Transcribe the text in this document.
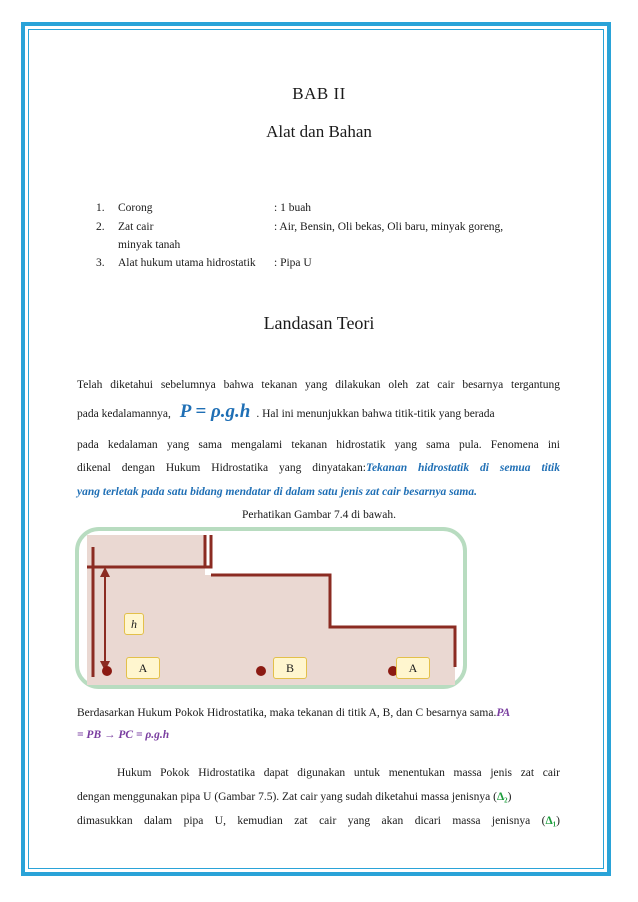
BAB II
Alat dan Bahan
1.	Corong	: 1 buah
2.	Zat cair	: Air, Bensin, Oli bekas, Oli baru, minyak goreng,
minyak tanah
3.	Alat hukum utama hidrostatik : Pipa U
Landasan Teori
Telah diketahui sebelumnya bahwa tekanan yang dilakukan oleh zat cair besarnya tergantung
pada kedalamannya, P = ρ.g.h . Hal ini menunjukkan bahwa titik-titik yang berada
pada kedalaman yang sama mengalami tekanan hidrostatik yang sama pula. Fenomena ini
dikenal dengan Hukum Hidrostatika yang dinyatakan:Tekanan hidrostatik di semua titik
yang terletak pada satu bidang mendatar di dalam satu jenis zat cair besarnya sama.
Perhatikan Gambar 7.4 di bawah.
h
A	B	A
Berdasarkan Hukum Pokok Hidrostatika, maka tekanan di titik A, B, dan C besarnya sama.PA
= PB → PC = ρ.g.h
Hukum Pokok Hidrostatika dapat digunakan untuk menentukan massa jenis zat cair
dengan menggunakan pipa U (Gambar 7.5). Zat cair yang sudah diketahui massa jenisnya (Δ₂)
dimasukkan dalam pipa U, kemudian zat cair yang akan dicari massa jenisnya (Δ₁)
